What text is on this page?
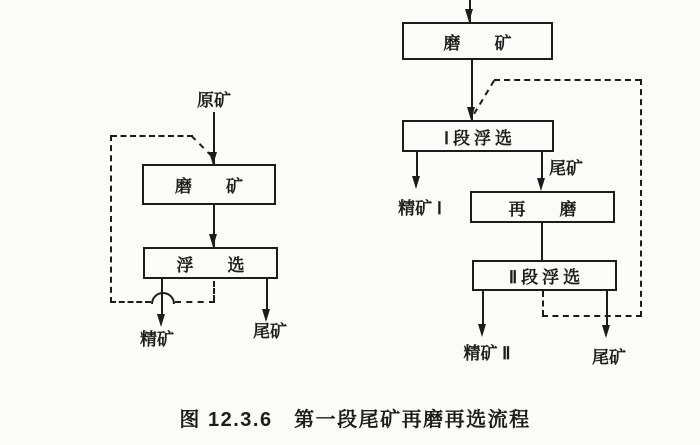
原矿
磨　　矿
浮　　选
精矿	尾矿
磨　　矿
Ⅰ段浮选
精矿 Ⅰ
尾矿
再　　磨
Ⅱ段浮选
精矿 Ⅱ	尾矿
图 12.3.6　第一段尾矿再磨再选流程
